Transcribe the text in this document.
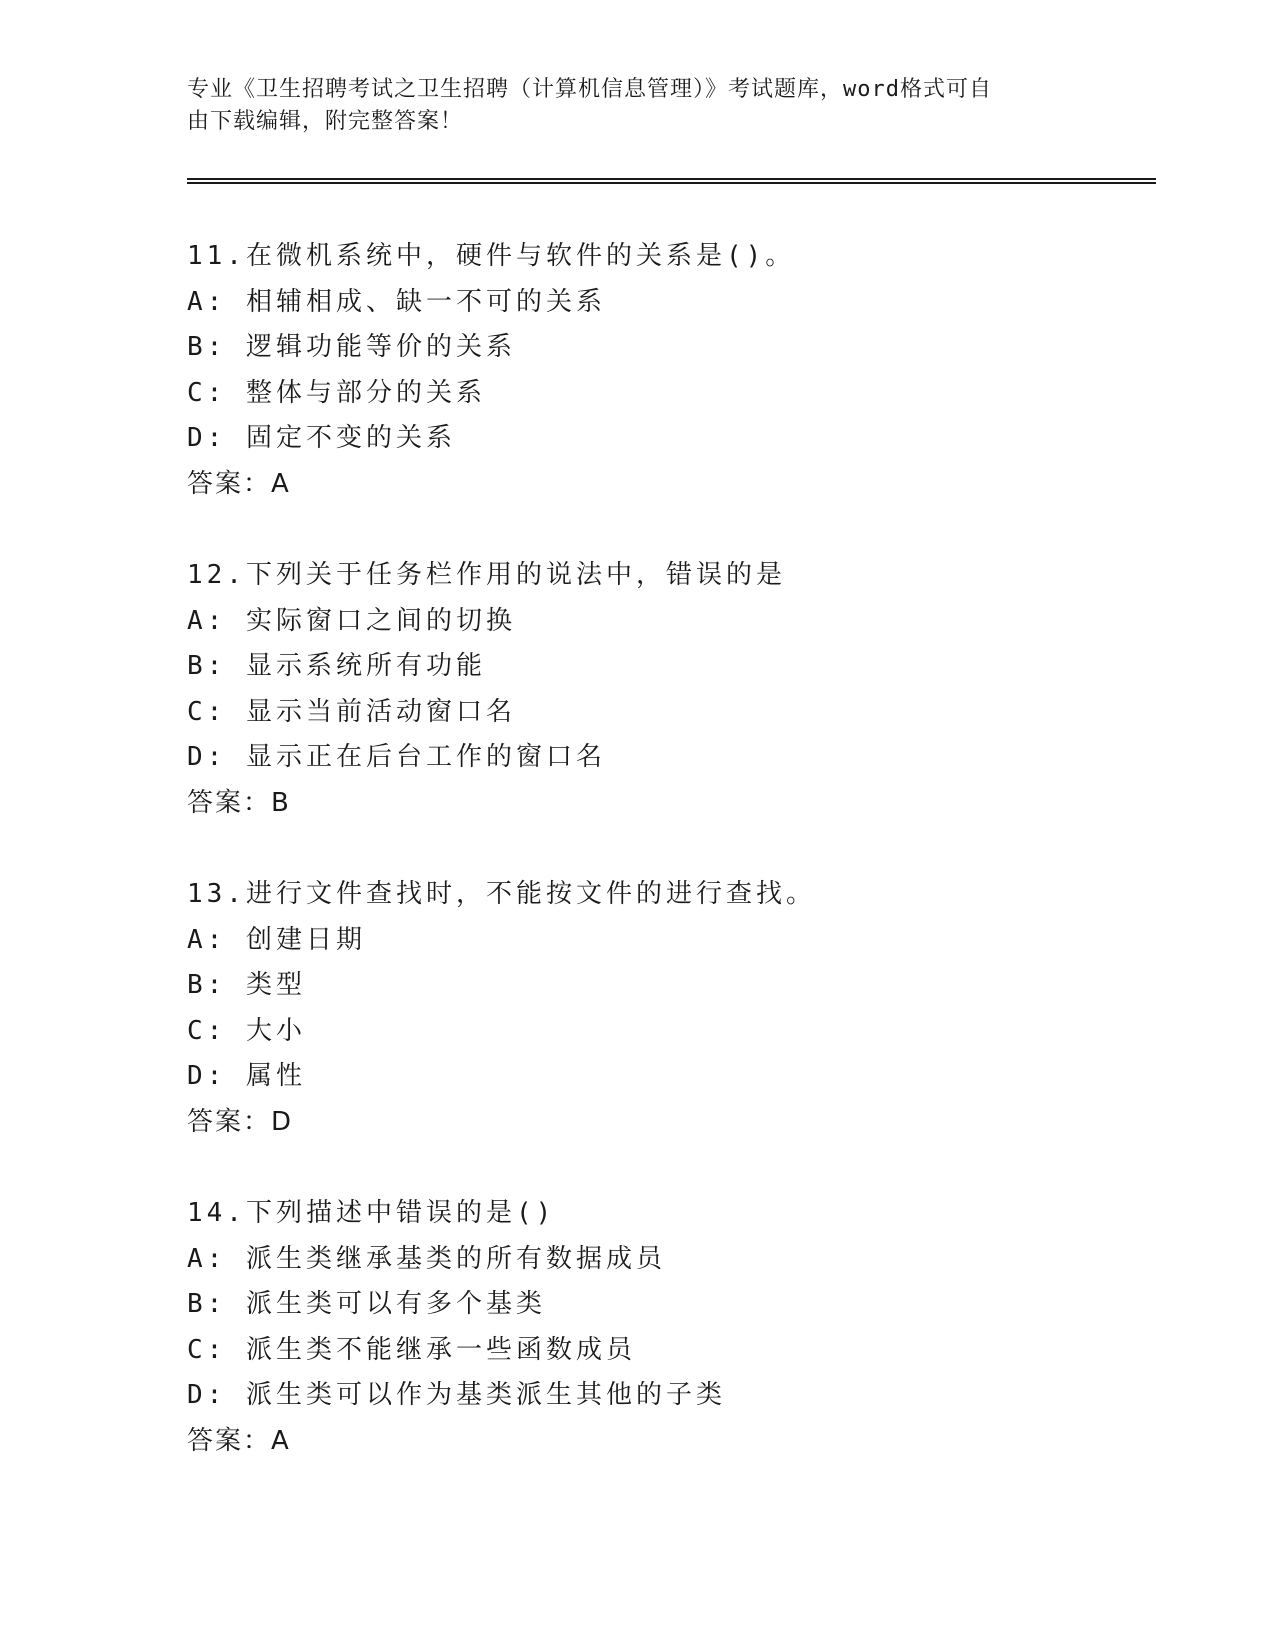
专业《卫生招聘考试之卫生招聘（计算机信息管理）》考试题库，word格式可自
由下载编辑，附完整答案！
11.在微机系统中，硬件与软件的关系是()。
A: 相辅相成、缺一不可的关系
B: 逻辑功能等价的关系
C: 整体与部分的关系
D: 固定不变的关系
答案：A
12.下列关于任务栏作用的说法中，错误的是
A: 实际窗口之间的切换
B: 显示系统所有功能
C: 显示当前活动窗口名
D: 显示正在后台工作的窗口名
答案：B
13.进行文件查找时，不能按文件的进行查找。
A: 创建日期
B: 类型
C: 大小
D: 属性
答案：D
14.下列描述中错误的是()
A: 派生类继承基类的所有数据成员
B: 派生类可以有多个基类
C: 派生类不能继承一些函数成员
D: 派生类可以作为基类派生其他的子类
答案：A
